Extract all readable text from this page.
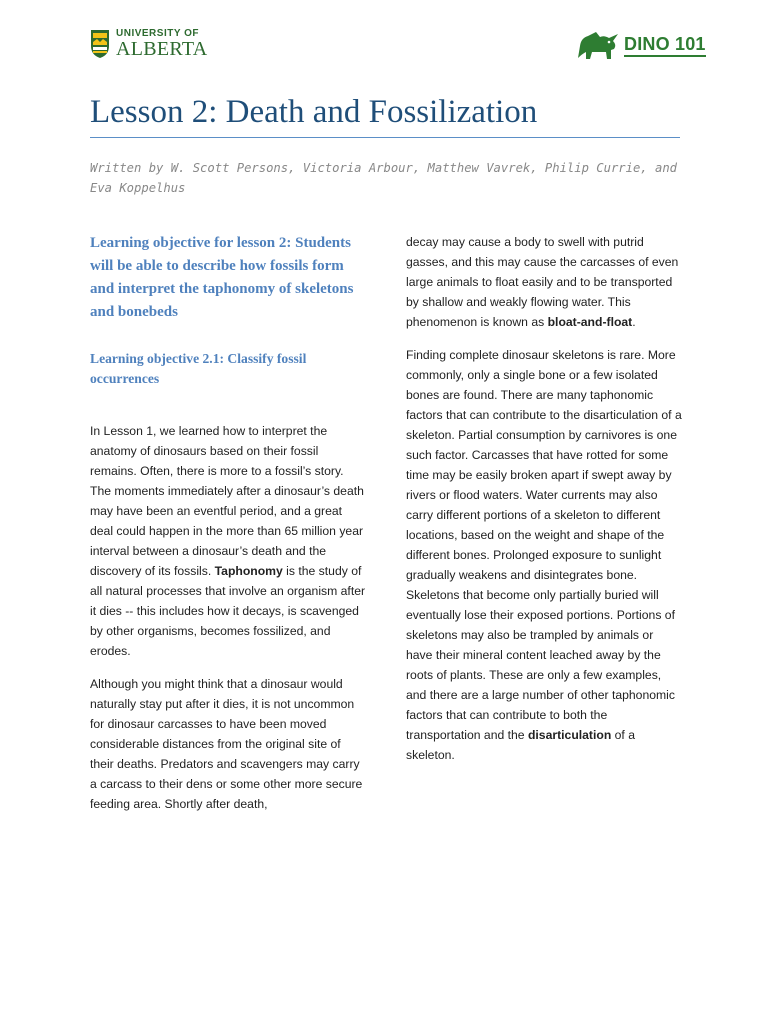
UNIVERSITY OF
ALBERTA	DINO 101
Lesson 2: Death and Fossilization

Written by W. Scott Persons, Victoria Arbour, Matthew Vavrek, Philip Currie, and Eva Koppelhus

Learning objective for lesson 2: Students will be able to describe how fossils form and interpret the taphonomy of skeletons and bonebeds

Learning objective 2.1: Classify fossil occurrences

In Lesson 1, we learned how to interpret the anatomy of dinosaurs based on their fossil remains. Often, there is more to a fossil’s story. The moments immediately after a dinosaur’s death may have been an eventful period, and a great deal could happen in the more than 65 million year interval between a dinosaur’s death and the discovery of its fossils. Taphonomy is the study of all natural processes that involve an organism after it dies -- this includes how it decays, is scavenged by other organisms, becomes fossilized, and erodes.

Although you might think that a dinosaur would naturally stay put after it dies, it is not uncommon for dinosaur carcasses to have been moved considerable distances from the original site of their deaths. Predators and scavengers may carry a carcass to their dens or some other more secure feeding area. Shortly after death,

decay may cause a body to swell with putrid gasses, and this may cause the carcasses of even large animals to float easily and to be transported by shallow and weakly flowing water. This phenomenon is known as bloat-and-float.

Finding complete dinosaur skeletons is rare. More commonly, only a single bone or a few isolated bones are found. There are many taphonomic factors that can contribute to the disarticulation of a skeleton. Partial consumption by carnivores is one such factor. Carcasses that have rotted for some time may be easily broken apart if swept away by rivers or flood waters. Water currents may also carry different portions of a skeleton to different locations, based on the weight and shape of the different bones. Prolonged exposure to sunlight gradually weakens and disintegrates bone. Skeletons that become only partially buried will eventually lose their exposed portions. Portions of skeletons may also be trampled by animals or have their mineral content leached away by the roots of plants. These are only a few examples, and there are a large number of other taphonomic factors that can contribute to both the transportation and the disarticulation of a skeleton.
